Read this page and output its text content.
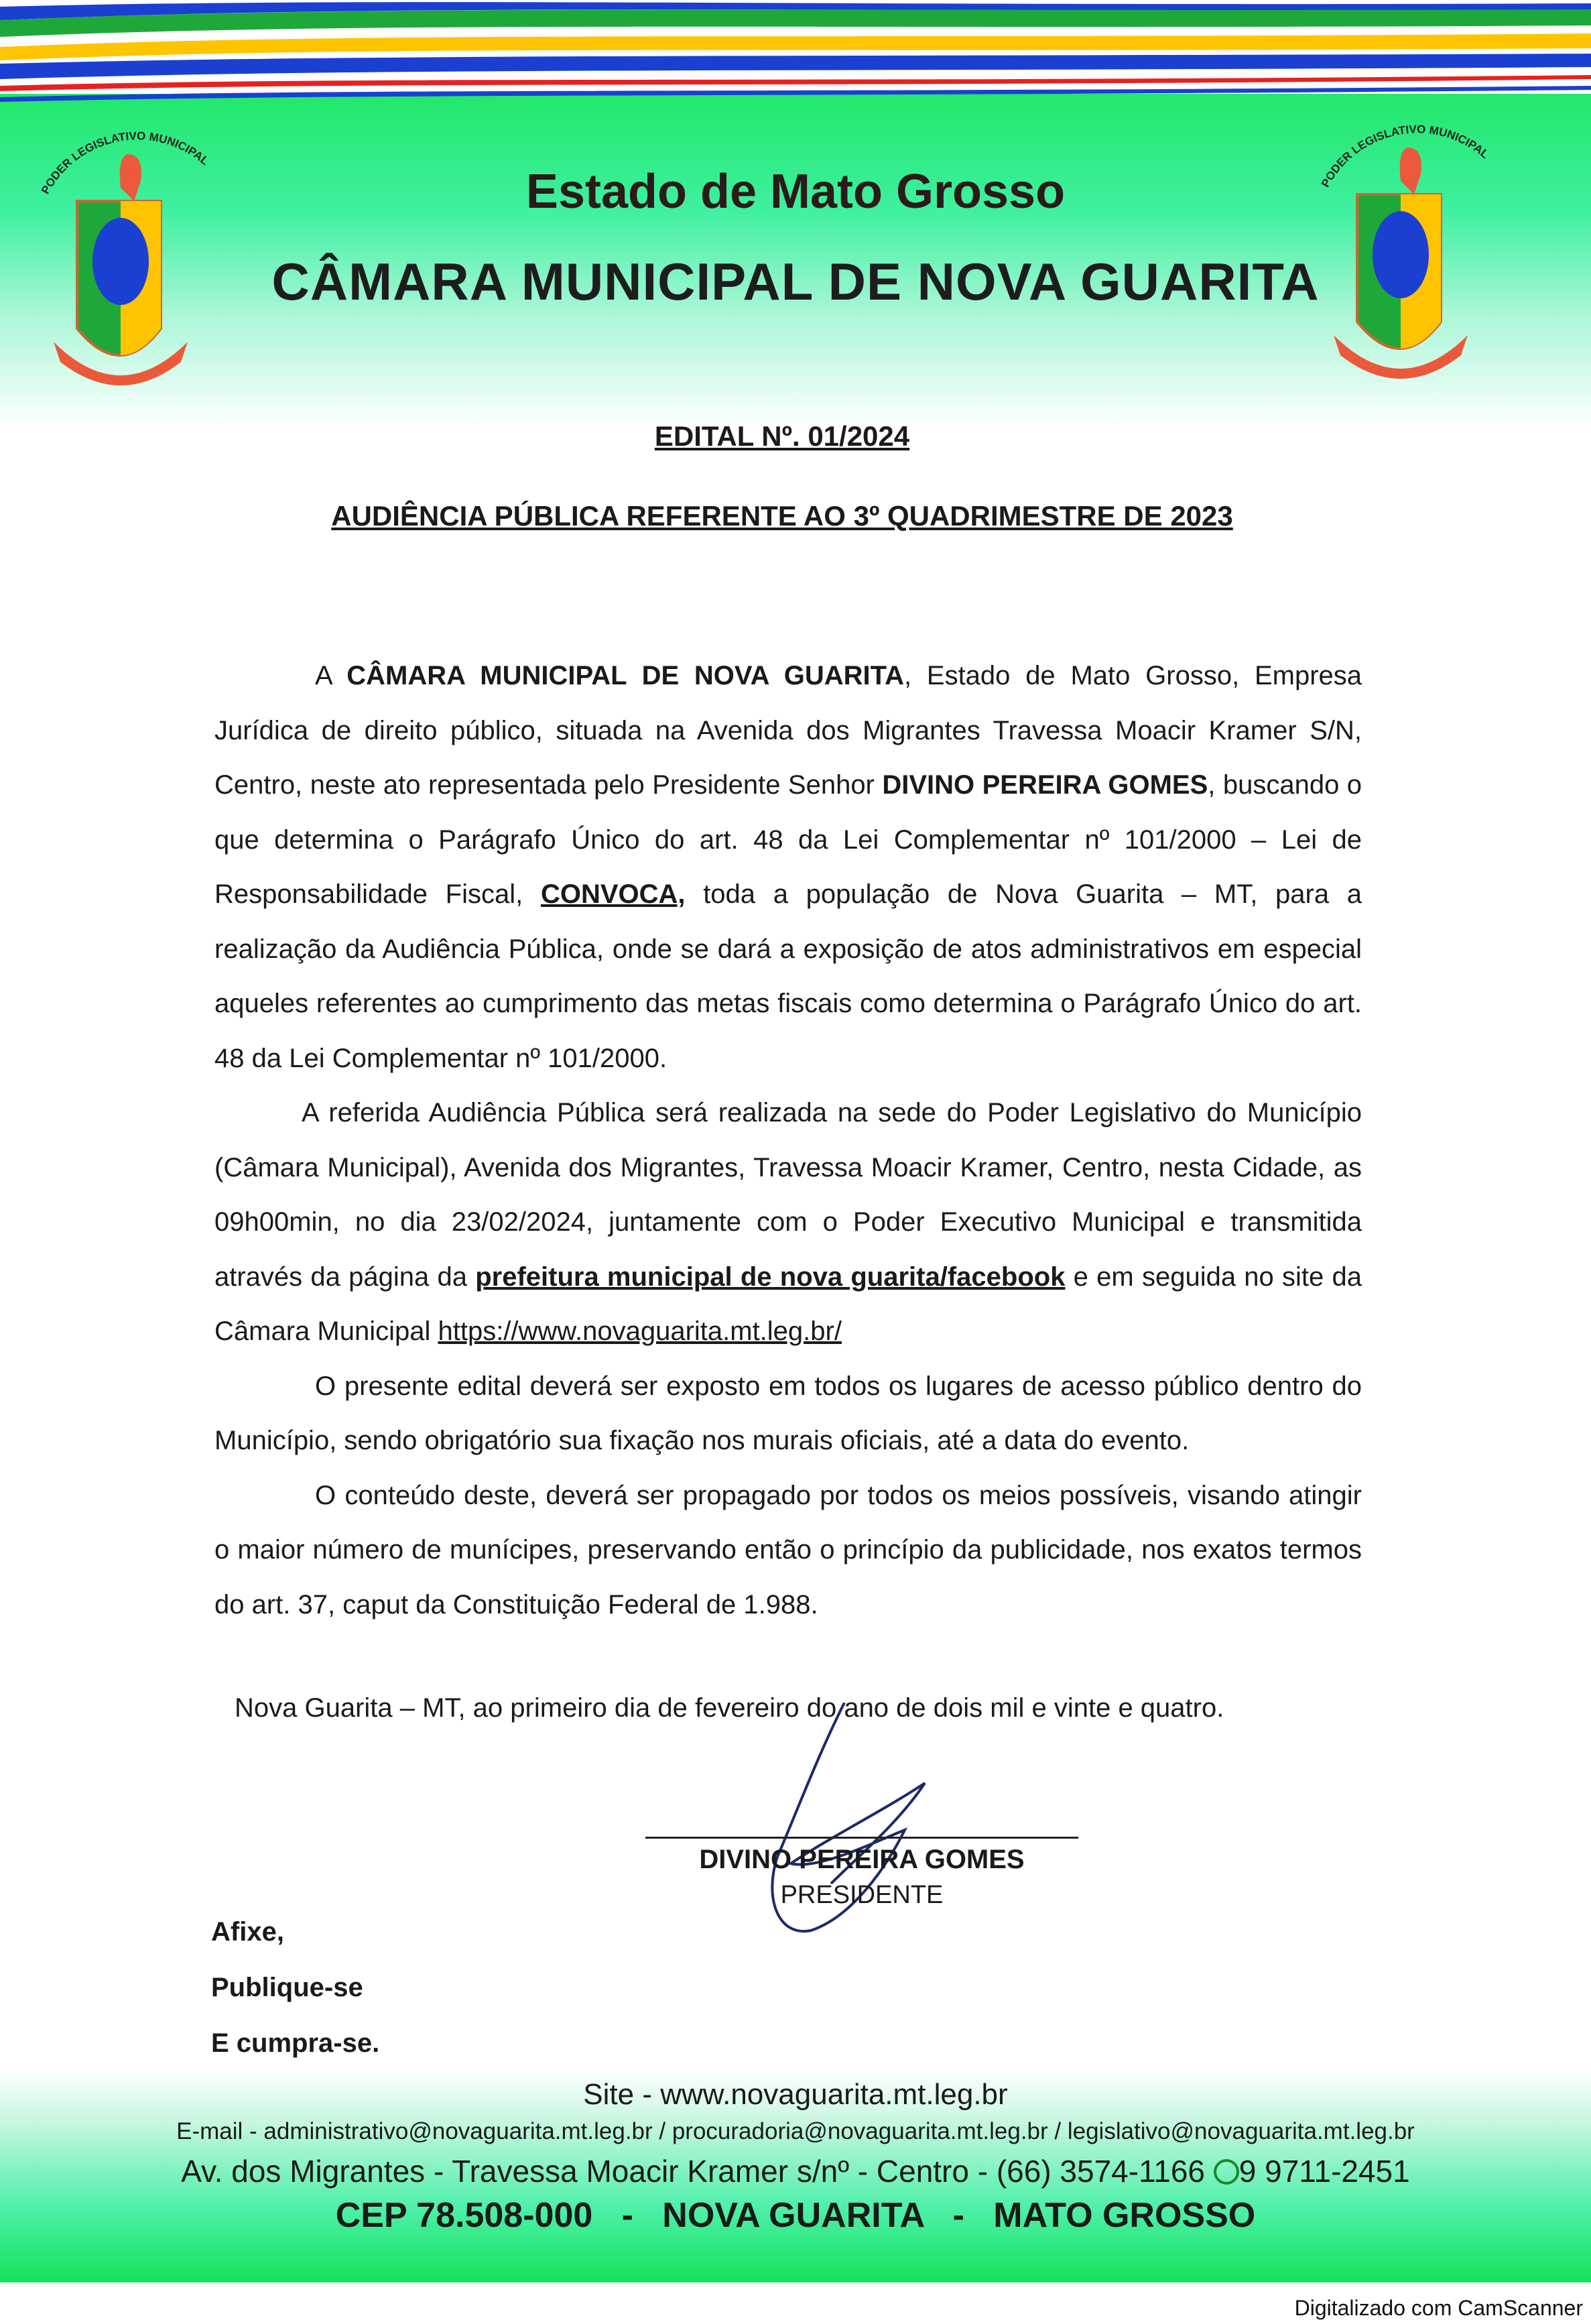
PODER LEGISLATIVO MUNICIPAL
PODER LEGISLATIVO MUNICIPAL
Estado de Mato Grosso
CÂMARA MUNICIPAL DE NOVA GUARITA
EDITAL Nº. 01/2024
AUDIÊNCIA PÚBLICA REFERENTE AO 3º QUADRIMESTRE DE 2023

A CÂMARA MUNICIPAL DE NOVA GUARITA, Estado de Mato Grosso, Empresa Jurídica de direito público, situada na Avenida dos Migrantes Travessa Moacir Kramer S/N, Centro, neste ato representada pelo Presidente Senhor DIVINO PEREIRA GOMES, buscando o que determina o Parágrafo Único do art. 48 da Lei Complementar nº 101/2000 – Lei de Responsabilidade Fiscal, CONVOCA, toda a população de Nova Guarita – MT, para a realização da Audiência Pública, onde se dará a exposição de atos administrativos em especial aqueles referentes ao cumprimento das metas fiscais como determina o Parágrafo Único do art. 48 da Lei Complementar nº 101/2000.

A referida Audiência Pública será realizada na sede do Poder Legislativo do Município (Câmara Municipal), Avenida dos Migrantes, Travessa Moacir Kramer, Centro, nesta Cidade, as 09h00min, no dia 23/02/2024, juntamente com o Poder Executivo Municipal e transmitida através da página da prefeitura municipal de nova guarita/facebook e em seguida no site da Câmara Municipal https://www.novaguarita.mt.leg.br/

O presente edital deverá ser exposto em todos os lugares de acesso público dentro do Município, sendo obrigatório sua fixação nos murais oficiais, até a data do evento.

O conteúdo deste, deverá ser propagado por todos os meios possíveis, visando atingir o maior número de munícipes, preservando então o princípio da publicidade, nos exatos termos do art. 37, caput da Constituição Federal de 1.988.

Nova Guarita – MT, ao primeiro dia de fevereiro do ano de dois mil e vinte e quatro.
DIVINO PEREIRA GOMES
PRESIDENTE
Afixe,
Publique-se
E cumpra-se.
Site - www.novaguarita.mt.leg.br
E-mail - administrativo@novaguarita.mt.leg.br / procuradoria@novaguarita.mt.leg.br / legislativo@novaguarita.mt.leg.br
Av. dos Migrantes - Travessa Moacir Kramer s/nº - Centro - (66) 3574-1166 9 9711-2451
CEP 78.508-000   -   NOVA GUARITA   -   MATO GROSSO
Digitalizado com CamScanner
